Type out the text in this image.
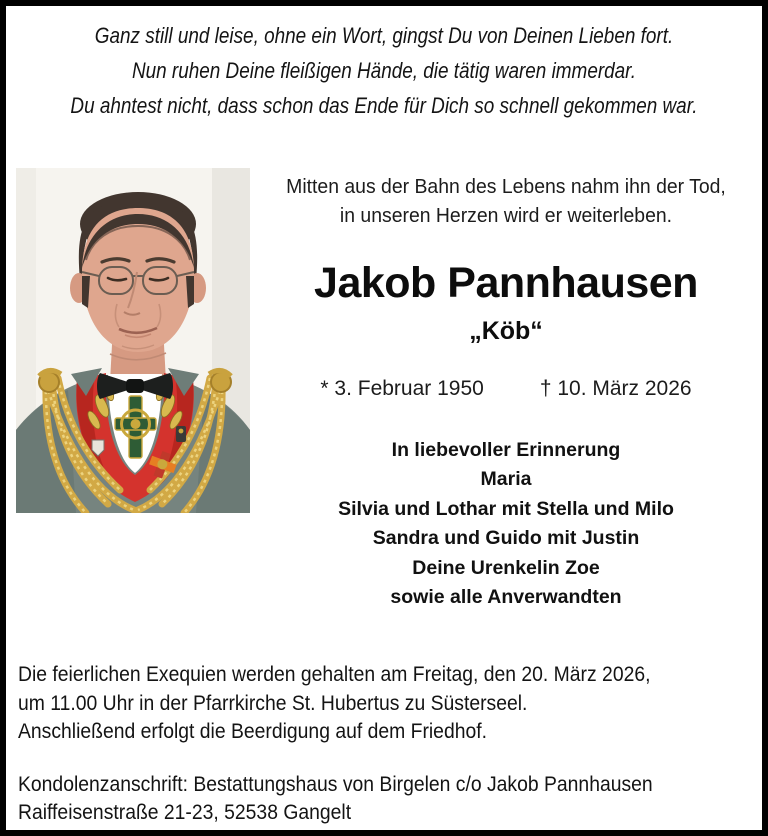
Ganz still und leise, ohne ein Wort, gingst Du von Deinen Lieben fort.
Nun ruhen Deine fleißigen Hände, die tätig waren immerdar.
Du ahntest nicht, dass schon das Ende für Dich so schnell gekommen war.
Mitten aus der Bahn des Lebens nahm ihn der Tod,
in unseren Herzen wird er weiterleben.
Jakob Pannhausen
„Köb“
* 3. Februar 1950	† 10. März 2026
In liebevoller Erinnerung
Maria
Silvia und Lothar mit Stella und Milo
Sandra und Guido mit Justin
Deine Urenkelin Zoe
sowie alle Anverwandten
Die feierlichen Exequien werden gehalten am Freitag, den 20. März 2026,
um 11.00 Uhr in der Pfarrkirche St. Hubertus zu Süsterseel.
Anschließend erfolgt die Beerdigung auf dem Friedhof.
Kondolenzanschrift: Bestattungshaus von Birgelen c/o Jakob Pannhausen
Raiffeisenstraße 21-23, 52538 Gangelt
